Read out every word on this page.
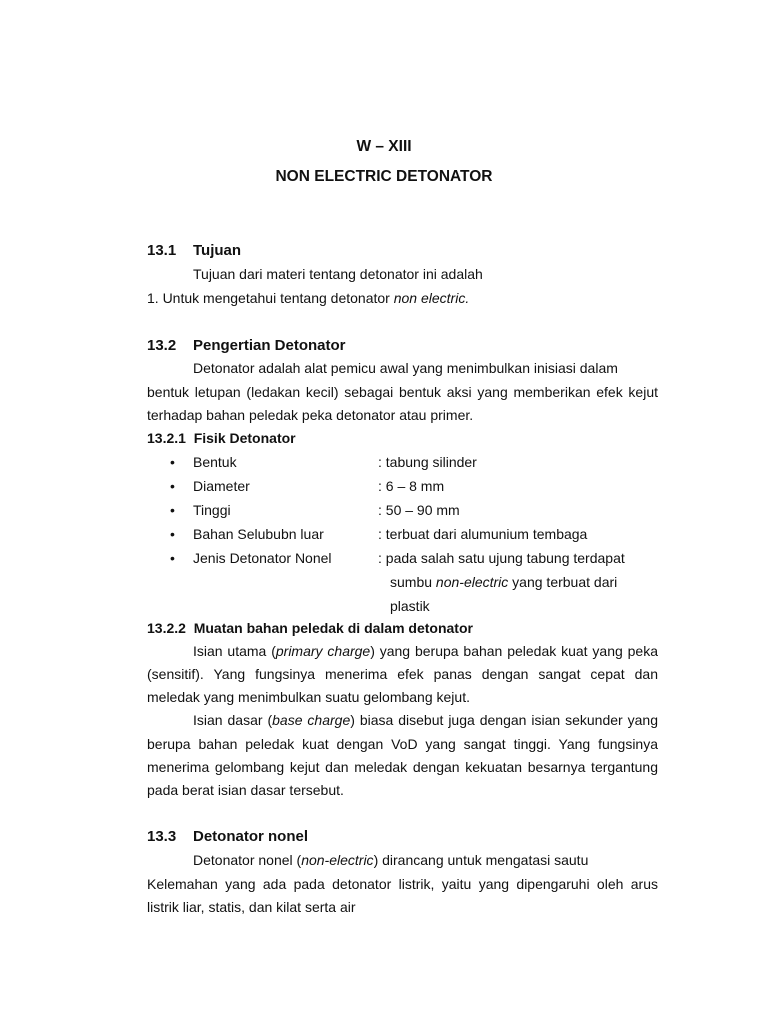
W – XIII
NON ELECTRIC DETONATOR
13.1 Tujuan
13.2 Pengertian Detonator
13.2.1  Fisik Detonator
13.2.2  Muatan bahan peledak di dalam detonator
13.3 Detonator nonel
Tujuan dari materi tentang detonator ini adalah
1. Untuk mengetahui tentang detonator non electric.
Detonator adalah alat pemicu awal yang menimbulkan inisiasi dalam
bentuk letupan (ledakan kecil) sebagai bentuk aksi yang memberikan efek kejut
terhadap bahan peledak peka detonator atau primer.
Isian utama (primary charge) yang berupa bahan peledak kuat yang peka
(sensitif). Yang fungsinya menerima efek panas dengan sangat cepat dan
meledak yang menimbulkan suatu gelombang kejut.
Isian dasar (base charge) biasa disebut juga dengan isian sekunder yang
berupa bahan peledak kuat dengan VoD yang sangat tinggi. Yang fungsinya
menerima gelombang kejut dan meledak dengan kekuatan besarnya tergantung
pada berat isian dasar tersebut.
Detonator nonel (non-electric) dirancang untuk mengatasi sautu
Kelemahan yang ada pada detonator listrik, yaitu yang dipengaruhi oleh arus
listrik liar, statis, dan kilat serta air
• Bentuk	: tabung silinder
• Diameter	: 6 – 8 mm
• Tinggi	: 50 – 90 mm
• Bahan Selububn luar	: terbuat dari alumunium tembaga
• Jenis Detonator Nonel	: pada salah satu ujung tabung terdapat
sumbu non-electric yang terbuat dari
plastik
